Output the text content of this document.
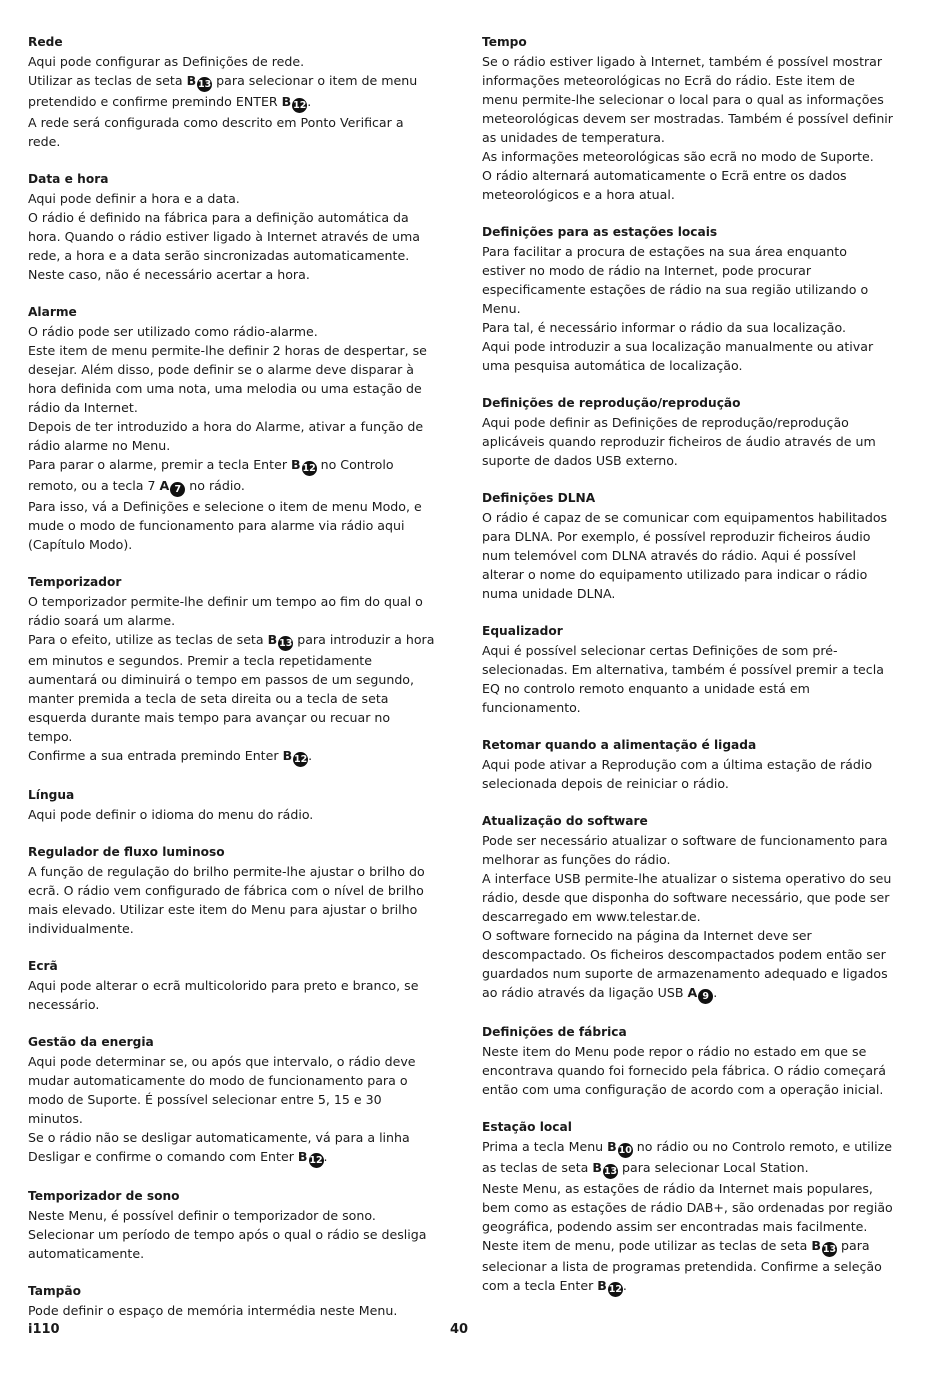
Rede

Aqui pode configurar as Definições de rede.
Utilizar as teclas de seta B 13 para selecionar o item de menu pretendido e confirme premindo ENTER B 12.
A rede será configurada como descrito em Ponto Verificar a rede.

Data e hora

Aqui pode definir a hora e a data.
O rádio é definido na fábrica para a definição automática da hora. Quando o rádio estiver ligado à Internet através de uma rede, a hora e a data serão sincronizadas automaticamente. Neste caso, não é necessário acertar a hora.

Alarme

O rádio pode ser utilizado como rádio-alarme.
Este item de menu permite-lhe definir 2 horas de despertar, se desejar. Além disso, pode definir se o alarme deve disparar à hora definida com uma nota, uma melodia ou uma estação de rádio da Internet.
Depois de ter introduzido a hora do Alarme, ativar a função de rádio alarme no Menu.
Para parar o alarme, premir a tecla Enter B 12 no Controlo remoto, ou a tecla 7 A 7 no rádio.
Para isso, vá a Definições e selecione o item de menu Modo, e mude o modo de funcionamento para alarme via rádio aqui (Capítulo Modo).

Temporizador

O temporizador permite-lhe definir um tempo ao fim do qual o rádio soará um alarme.
Para o efeito, utilize as teclas de seta B 13 para introduzir a hora em minutos e segundos. Premir a tecla repetidamente aumentará ou diminuirá o tempo em passos de um segundo, manter premida a tecla de seta direita ou a tecla de seta esquerda durante mais tempo para avançar ou recuar no tempo.
Confirme a sua entrada premindo Enter B 12.

Língua

Aqui pode definir o idioma do menu do rádio.

Regulador de fluxo luminoso

A função de regulação do brilho permite-lhe ajustar o brilho do ecrã. O rádio vem configurado de fábrica com o nível de brilho mais elevado. Utilizar este item do Menu para ajustar o brilho individualmente.

Ecrã

Aqui pode alterar o ecrã multicolorido para preto e branco, se necessário.

Gestão da energia

Aqui pode determinar se, ou após que intervalo, o rádio deve mudar automaticamente do modo de funcionamento para o modo de Suporte. É possível selecionar entre 5, 15 e 30 minutos.
Se o rádio não se desligar automaticamente, vá para a linha Desligar e confirme o comando com Enter B 12.

Temporizador de sono

Neste Menu, é possível definir o temporizador de sono.
Selecionar um período de tempo após o qual o rádio se desliga automaticamente.

Tampão

Pode definir o espaço de memória intermédia neste Menu.

Tempo

Se o rádio estiver ligado à Internet, também é possível mostrar informações meteorológicas no Ecrã do rádio. Este item de menu permite-lhe selecionar o local para o qual as informações meteorológicas devem ser mostradas. Também é possível definir as unidades de temperatura.
As informações meteorológicas são ecrã no modo de Suporte.
O rádio alternará automaticamente o Ecrã entre os dados meteorológicos e a hora atual.

Definições para as estações locais

Para facilitar a procura de estações na sua área enquanto estiver no modo de rádio na Internet, pode procurar especificamente estações de rádio na sua região utilizando o Menu.
Para tal, é necessário informar o rádio da sua localização.
Aqui pode introduzir a sua localização manualmente ou ativar uma pesquisa automática de localização.

Definições de reprodução/reprodução

Aqui pode definir as Definições de reprodução/reprodução aplicáveis quando reproduzir ficheiros de áudio através de um suporte de dados USB externo.

Definições DLNA

O rádio é capaz de se comunicar com equipamentos habilitados para DLNA. Por exemplo, é possível reproduzir ficheiros áudio num telemóvel com DLNA através do rádio. Aqui é possível alterar o nome do equipamento utilizado para indicar o rádio numa unidade DLNA.

Equalizador

Aqui é possível selecionar certas Definições de som pré-selecionadas. Em alternativa, também é possível premir a tecla EQ no controlo remoto enquanto a unidade está em funcionamento.

Retomar quando a alimentação é ligada

Aqui pode ativar a Reprodução com a última estação de rádio selecionada depois de reiniciar o rádio.

Atualização do software

Pode ser necessário atualizar o software de funcionamento para melhorar as funções do rádio.
A interface USB permite-lhe atualizar o sistema operativo do seu rádio, desde que disponha do software necessário, que pode ser descarregado em www.telestar.de.
O software fornecido na página da Internet deve ser descompactado. Os ficheiros descompactados podem então ser guardados num suporte de armazenamento adequado e ligados ao rádio através da ligação USB A 9 .

Definições de fábrica

Neste item do Menu pode repor o rádio no estado em que se encontrava quando foi fornecido pela fábrica. O rádio começará então com uma configuração de acordo com a operação inicial.

Estação local

Prima a tecla Menu B 10 no rádio ou no Controlo remoto, e utilize as teclas de seta B 13 para selecionar Local Station.
Neste Menu, as estações de rádio da Internet mais populares, bem como as estações de rádio DAB+, são ordenadas por região geográfica, podendo assim ser encontradas mais facilmente.
Neste item de menu, pode utilizar as teclas de seta B 13 para selecionar a lista de programas pretendida. Confirme a seleção com a tecla Enter B 12.

i110	40
